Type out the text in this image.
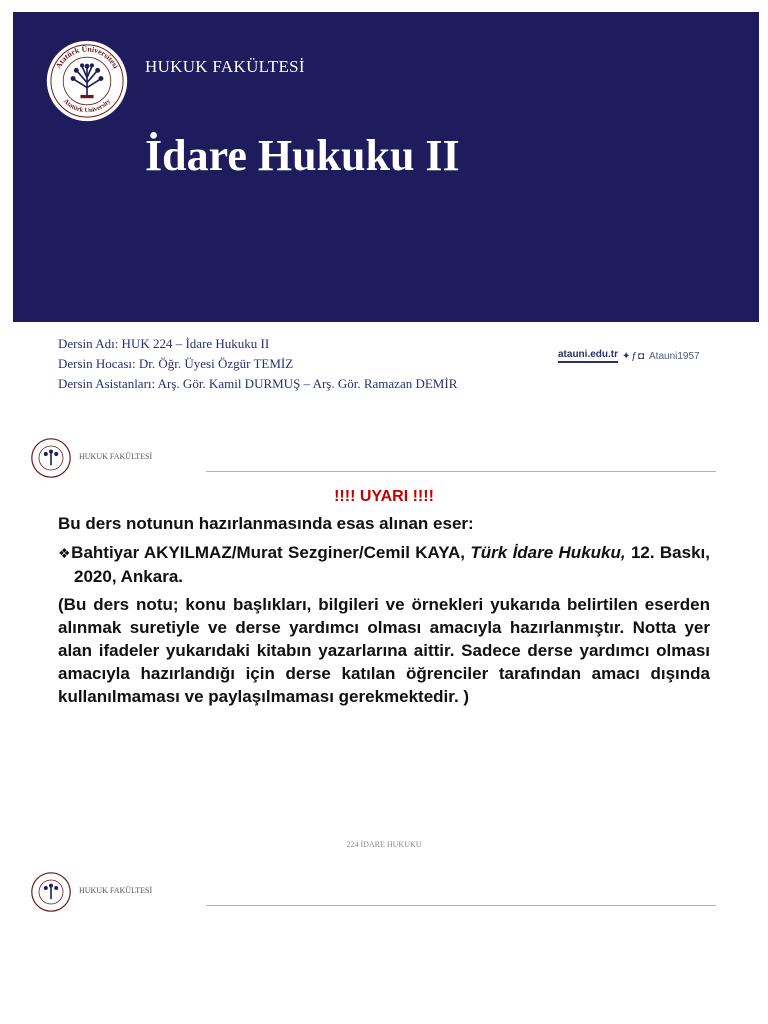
Atatürk Üniversitesi
Atatürk University
HUKUK FAKÜLTESİ
İdare Hukuku II
Dersin Adı: HUK 224 – İdare Hukuku II
Dersin Hocası: Dr. Öğr. Üyesi Özgür TEMİZ
Dersin Asistanları: Arş. Gör. Kamil DURMUŞ – Arş. Gör. Ramazan DEMİR
atauni.edu.tr ✦ƒ◘ Atauni1957
HUKUK FAKÜLTESİ
!!!! UYARI !!!!
Bu ders notunun hazırlanmasında esas alınan eser:
❖Bahtiyar AKYILMAZ/Murat Sezginer/Cemil KAYA, Türk İdare Hukuku, 12. Baskı, 2020, Ankara.
(Bu ders notu; konu başlıkları, bilgileri ve örnekleri yukarıda belirtilen eserden alınmak suretiyle ve derse yardımcı olması amacıyla hazırlanmıştır. Notta yer alan ifadeler yukarıdaki kitabın yazarlarına aittir. Sadece derse yardımcı olması amacıyla hazırlandığı için derse katılan öğrenciler tarafından amacı dışında kullanılmaması ve paylaşılmaması gerekmektedir. )
224 İDARE HUKUKU
HUKUK FAKÜLTESİ
